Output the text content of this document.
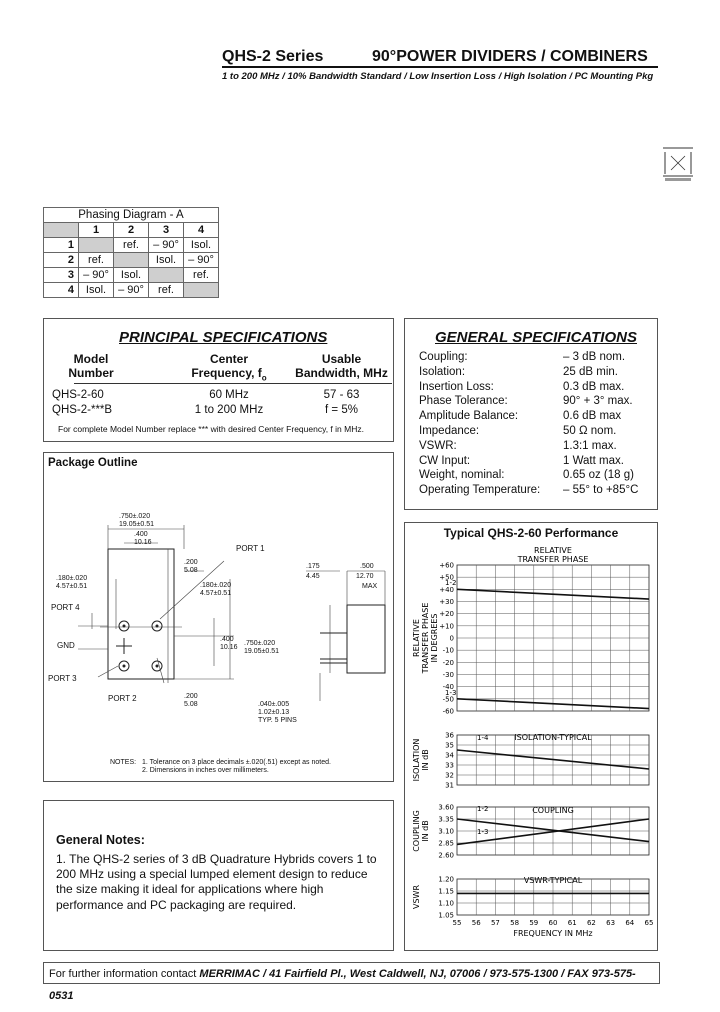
QHS-2 Series	90°POWER DIVIDERS / COMBINERS
1 to 200 MHz / 10% Bandwidth Standard / Low Insertion Loss / High Isolation / PC Mounting Pkg
Phasing Diagram - A				
	1	2	3	4
1		ref.	– 90°	Isol.
2	ref.		Isol.	– 90°
3	– 90°	Isol.		ref.
4	Isol.	– 90°	ref.	
PRINCIPAL SPECIFICATIONS
Model Number
Center
Frequency, $f_o$
Usable
Bandwidth, MHz
QHS-2-60	60 MHz	57 - 63
QHS-2-***B	1 to 200 MHz	f = 5%
For complete Model Number replace *** with desired Center Frequency, f in MHz.
GENERAL SPECIFICATIONS
Coupling:	– 3 dB nom.
Isolation:	25 dB min.
Insertion Loss:	0.3 dB max.
Phase Tolerance:	90° + 3° max.
Amplitude Balance:	0.6 dB max
Impedance:	50 Ω nom.
VSWR:	1.3:1 max.
CW Input:	1 Watt max.
Weight, nominal:	0.65 oz (18 g)
Operating Temperature: – 55° to +85°C
Package Outline
.750±.020
19.05±0.51
.400
10.16
PORT 1
.200
5.08
.180±.020
4.57±0.51	.180±.020
4.57±0.51
PORT 4
GND
.400
10.16
.750±.020
19.05±0.51
PORT 3
PORT 2	.200
5.08
.175
4.45
.500
12.70
MAX
.040±.005
1.02±0.13
TYP. 5 PINS
NOTES: 1. Tolerance on 3 place decimals ±.020(.51) except as noted.
2. Dimensions in inches over millimeters.
General Notes:
1. The QHS-2 series of 3 dB Quadrature Hybrids covers 1 to 200 MHz using a special lumped element design to reduce the size making it ideal for applications where high performance and PC packaging are required.
Typical QHS-2-60 Performance
RELATIVE
TRANSFER PHASE
+60
+50
+40
+30
+20
+10
0
-10
-20
-30
-40
-50
-60
RELATIVE TRANSFER PHASE IN DEGREES
1-2
1-3
ISOLATION-TYPICAL
36
35
34
33
32
31
ISOLATION IN dB
1-4
COUPLING
3.60
3.35
3.10
2.85
2.60
COUPLING IN dB
1-2
1-3
VSWR-TYPICAL
1.20
1.15
1.10
1.05
VSWR
55 56 57 58 59 60 61 62 63 64 65
FREQUENCY IN MHz
For further information contact MERRIMAC / 41 Fairfield Pl., West Caldwell, NJ, 07006 / 973-575-1300 / FAX 973-575-0531
